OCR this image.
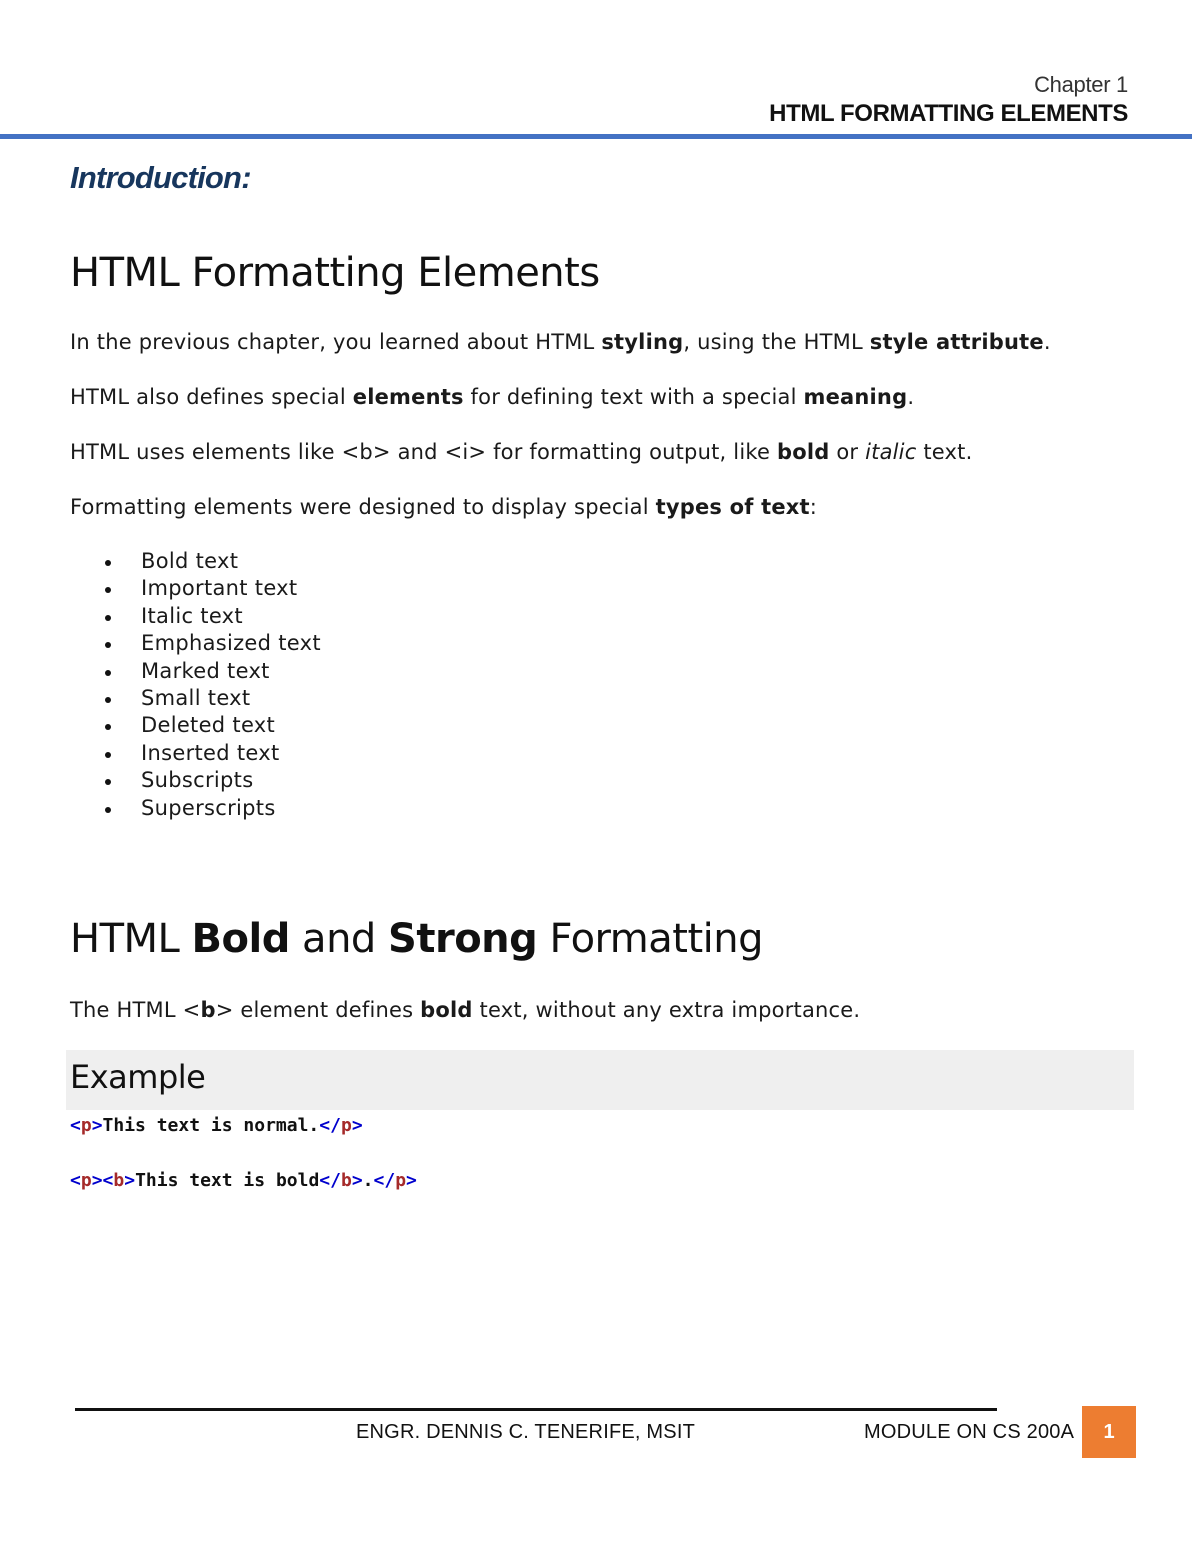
Chapter 1
HTML FORMATTING ELEMENTS
Introduction:
HTML Formatting Elements
In the previous chapter, you learned about HTML styling, using the HTML style attribute.
HTML also defines special elements for defining text with a special meaning.
HTML uses elements like <b> and <i> for formatting output, like bold or italic text.
Formatting elements were designed to display special types of text:
Bold text
Important text
Italic text
Emphasized text
Marked text
Small text
Deleted text
Inserted text
Subscripts
Superscripts
HTML Bold and Strong Formatting
The HTML <b> element defines bold text, without any extra importance.
Example
<p>This text is normal.</p>
<p><b>This text is bold</b>.</p>
ENGR. DENNIS C. TENERIFE, MSIT	MODULE ON CS 200A 1
